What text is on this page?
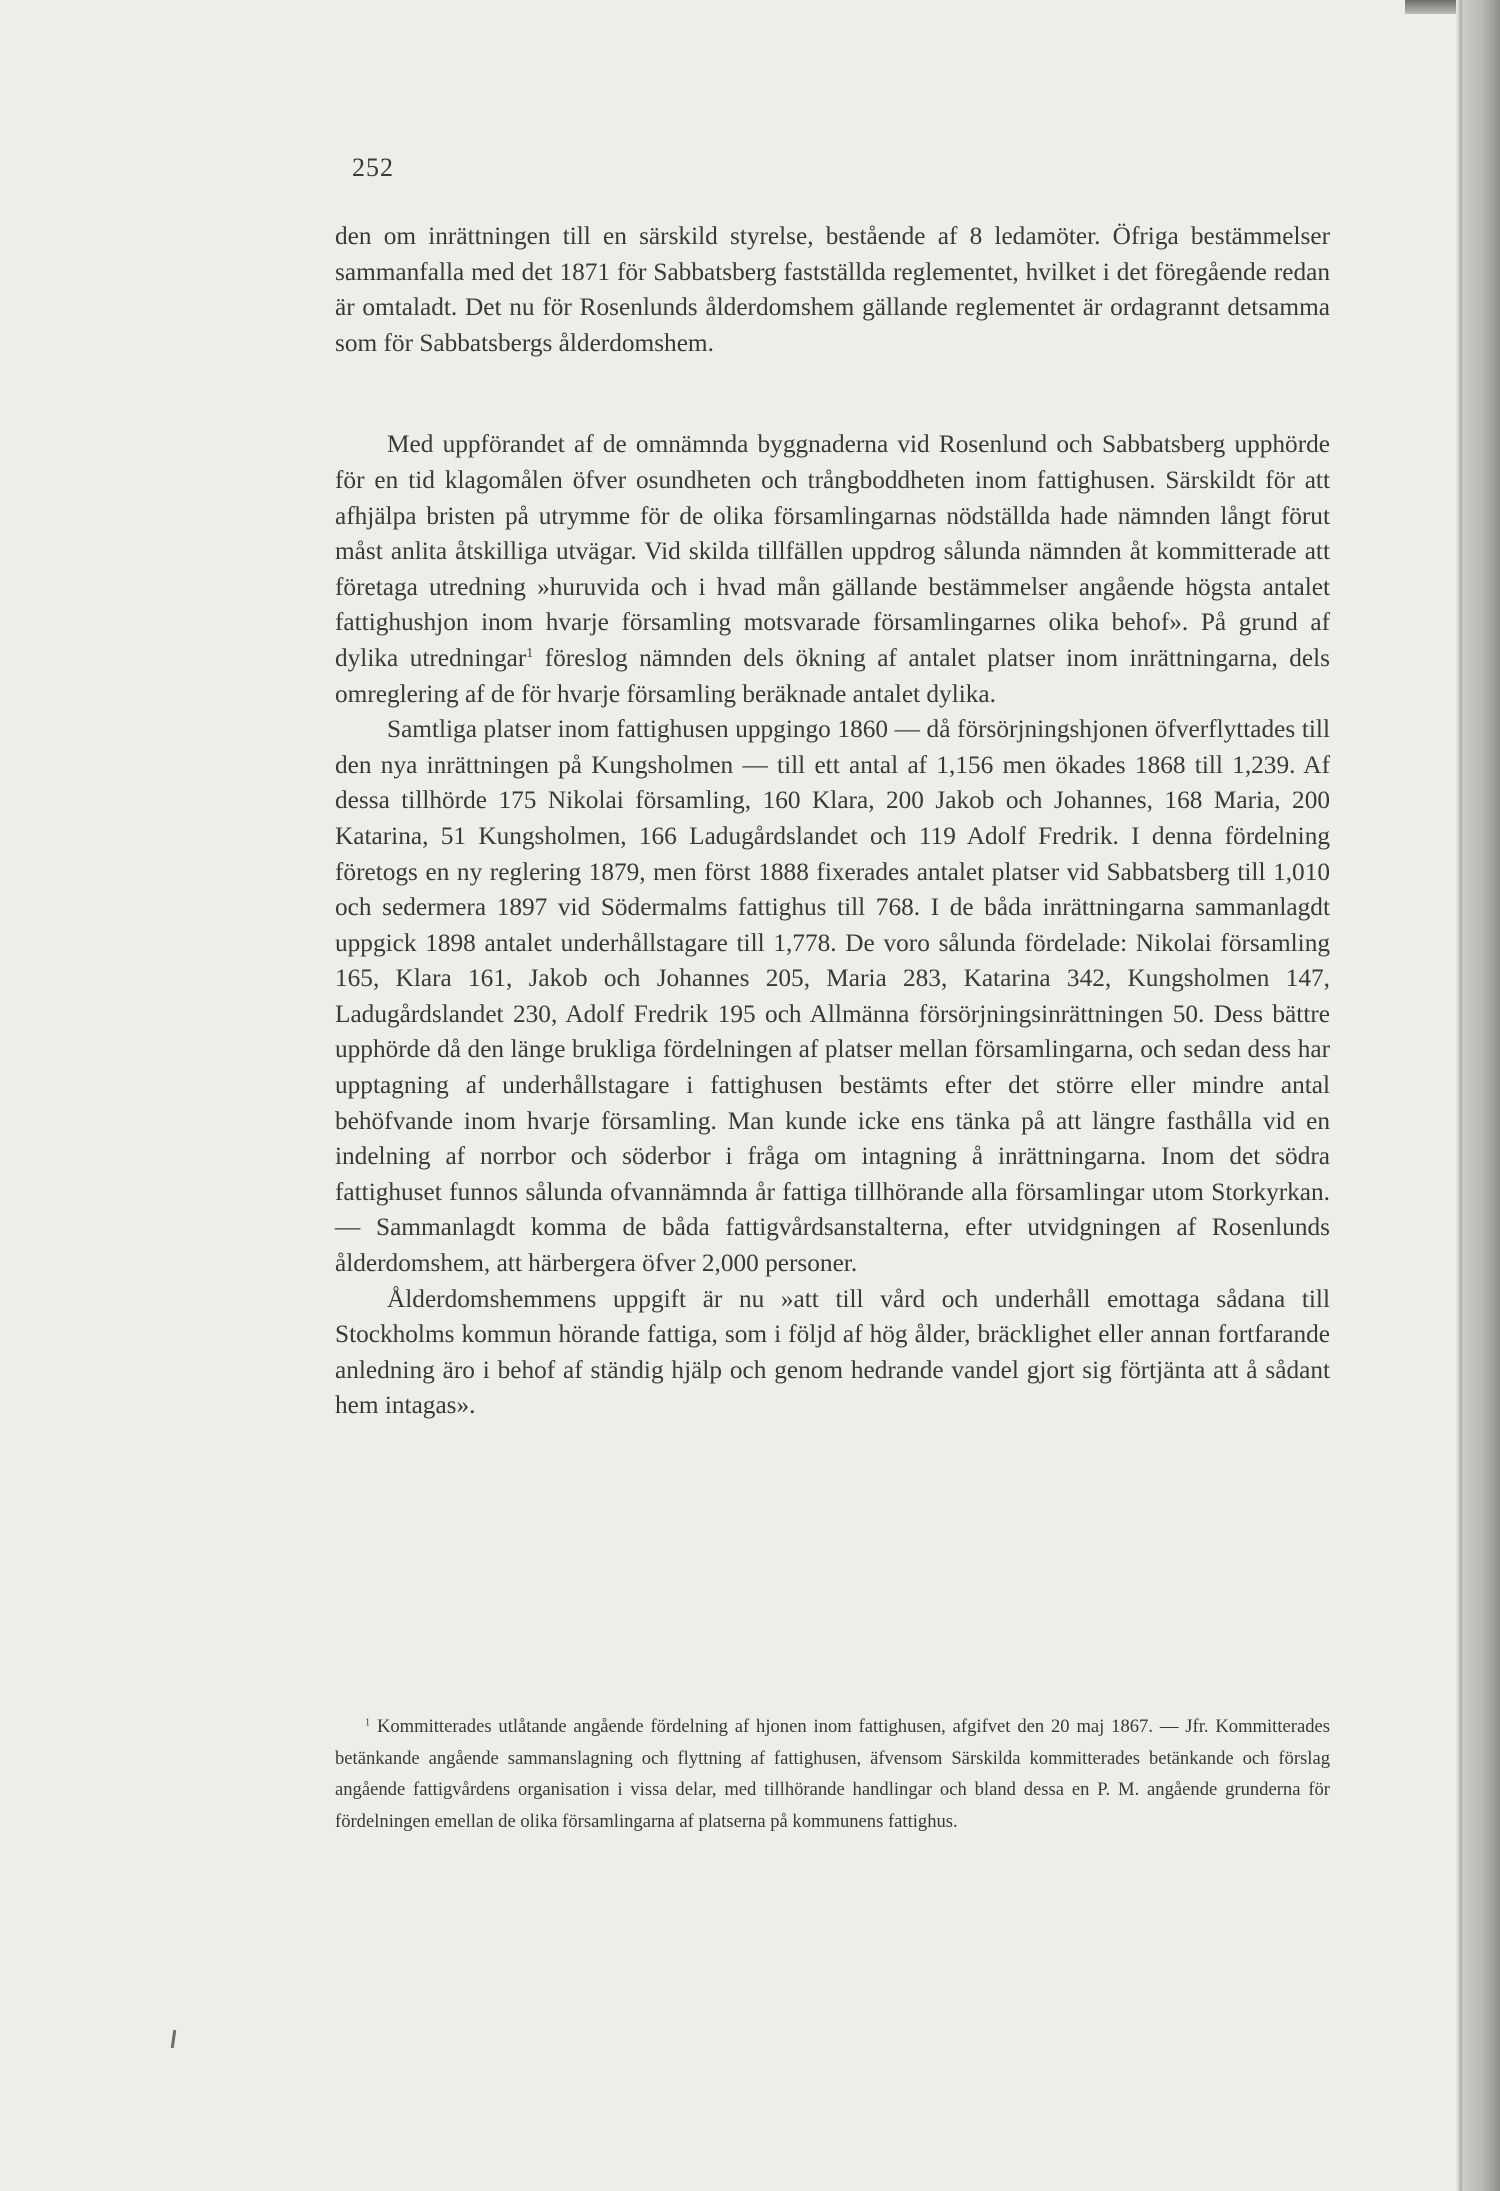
252

den om inrättningen till en särskild styrelse, bestående af 8 ledamöter. Öfriga bestämmelser sammanfalla med det 1871 för Sabbatsberg fastställda reglementet, hvilket i det föregående redan är omtaladt. Det nu för Rosenlunds ålderdomshem gällande reglementet är ordagrannt detsamma som för Sabbatsbergs ålderdomshem.

Med uppförandet af de omnämnda byggnaderna vid Rosenlund och Sabbatsberg upphörde för en tid klagomålen öfver osundheten och trångboddheten inom fattighusen. Särskildt för att afhjälpa bristen på utrymme för de olika församlingarnas nödställda hade nämnden långt förut måst anlita åtskilliga utvägar. Vid skilda tillfällen uppdrog sålunda nämnden åt kommitterade att företaga utredning »huruvida och i hvad mån gällande bestämmelser angående högsta antalet fattighushjon inom hvarje församling motsvarade församlingarnes olika behof». På grund af dylika utredningar$^1$ föreslog nämnden dels ökning af antalet platser inom inrättningarna, dels omreglering af de för hvarje församling beräknade antalet dylika.

Samtliga platser inom fattighusen uppgingo 1860 — då försörjningshjonen öfverflyttades till den nya inrättningen på Kungsholmen — till ett antal af 1,156 men ökades 1868 till 1,239. Af dessa tillhörde 175 Nikolai församling, 160 Klara, 200 Jakob och Johannes, 168 Maria, 200 Katarina, 51 Kungsholmen, 166 Ladugårdslandet och 119 Adolf Fredrik. I denna fördelning företogs en ny reglering 1879, men först 1888 fixerades antalet platser vid Sabbatsberg till 1,010 och sedermera 1897 vid Södermalms fattighus till 768. I de båda inrättningarna sammanlagdt uppgick 1898 antalet underhållstagare till 1,778. De voro sålunda fördelade: Nikolai församling 165, Klara 161, Jakob och Johannes 205, Maria 283, Katarina 342, Kungsholmen 147, Ladugårdslandet 230, Adolf Fredrik 195 och Allmänna försörjningsinrättningen 50. Dess bättre upphörde då den länge brukliga fördelningen af platser mellan församlingarna, och sedan dess har upptagning af underhållstagare i fattighusen bestämts efter det större eller mindre antal behöfvande inom hvarje församling. Man kunde icke ens tänka på att längre fasthålla vid en indelning af norrbor och söderbor i fråga om intagning å inrättningarna. Inom det södra fattighuset funnos sålunda ofvannämnda år fattiga tillhörande alla församlingar utom Storkyrkan. — Sammanlagdt komma de båda fattigvårdsanstalterna, efter utvidgningen af Rosenlunds ålderdomshem, att härbergera öfver 2,000 personer.

Ålderdomshemmens uppgift är nu »att till vård och underhåll emottaga sådana till Stockholms kommun hörande fattiga, som i följd af hög ålder, bräcklighet eller annan fortfarande anledning äro i behof af ständig hjälp och genom hedrande vandel gjort sig förtjänta att å sådant hem intagas».

$^1$ Kommitterades utlåtande angående fördelning af hjonen inom fattighusen, afgifvet den 20 maj 1867. — Jfr. Kommitterades betänkande angående sammanslagning och flyttning af fattighusen, äfvensom Särskilda kommitterades betänkande och förslag angående fattigvårdens organisation i vissa delar, med tillhörande handlingar och bland dessa en P. M. angående grunderna för fördelningen emellan de olika församlingarna af platserna på kommunens fattighus.
